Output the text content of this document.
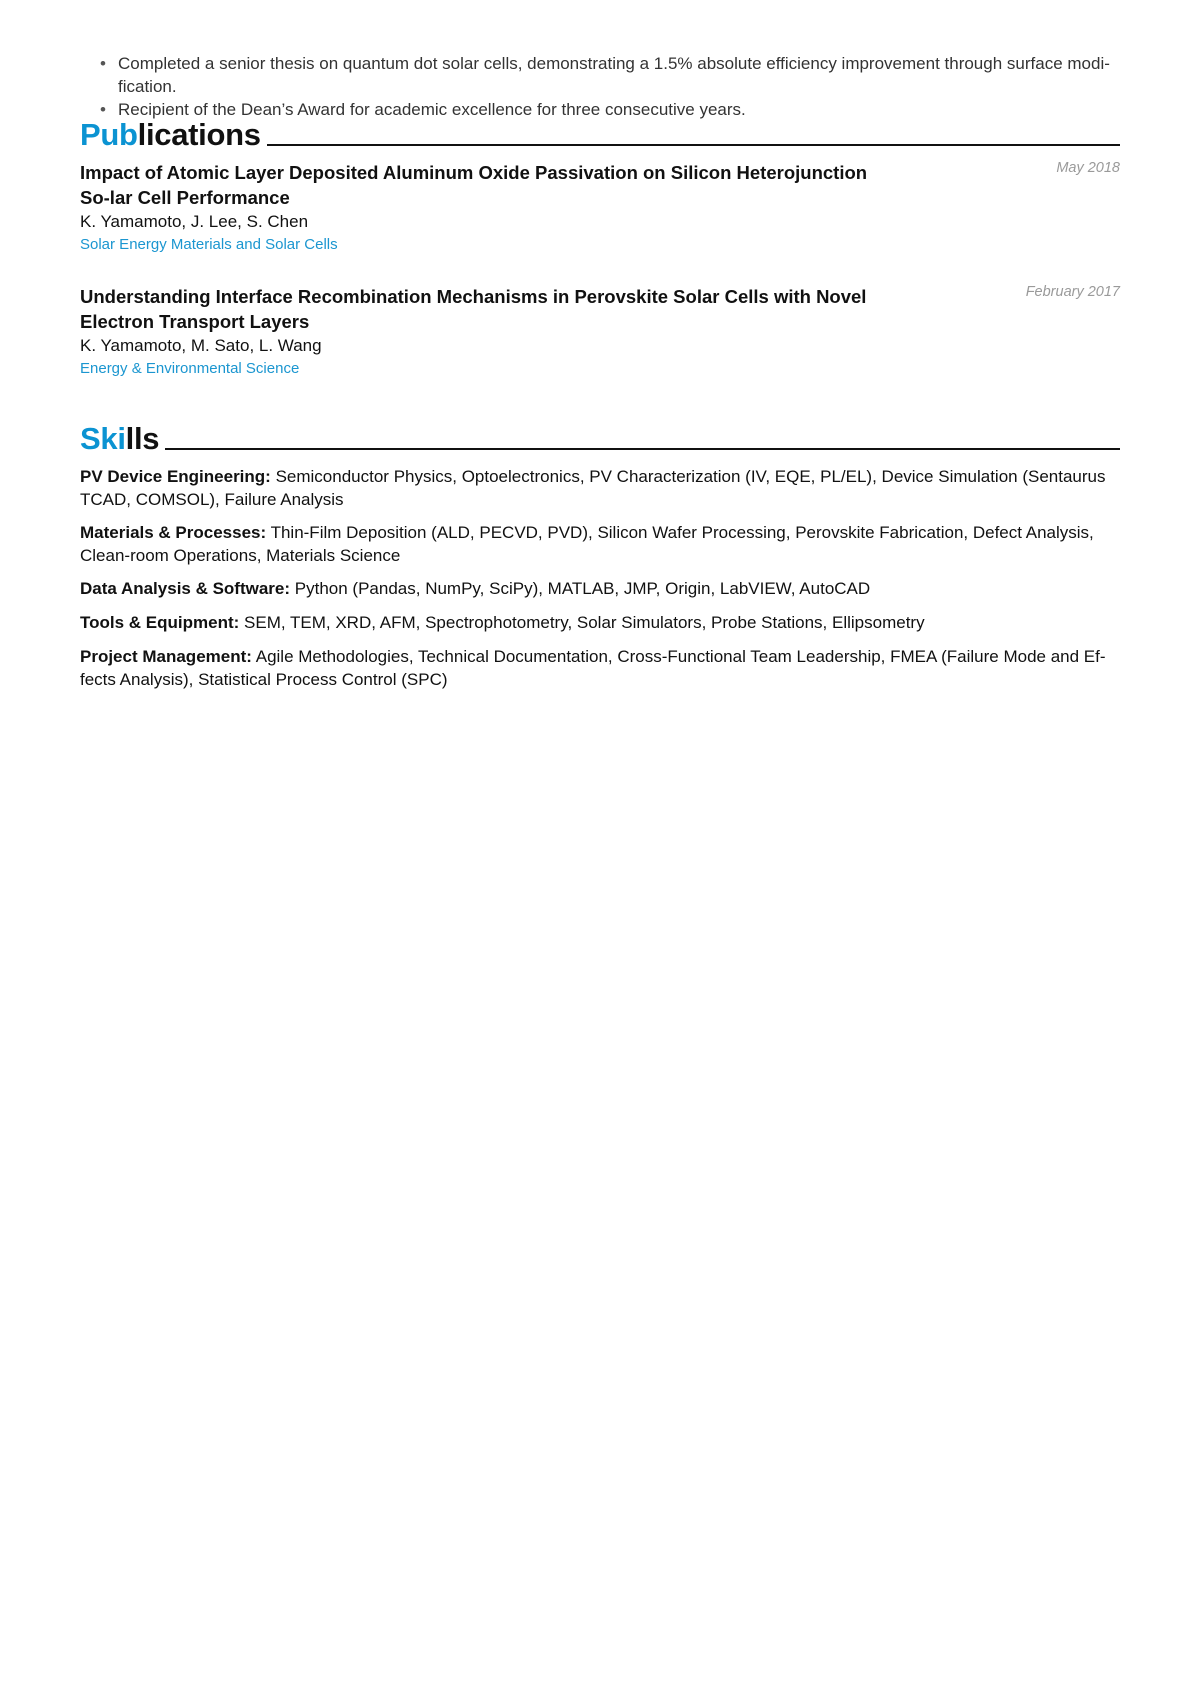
• Completed a senior thesis on quantum dot solar cells, demonstrating a 1.5% absolute efficiency improvement through surface modi-fication.
• Recipient of the Dean’s Award for academic excellence for three consecutive years.
Publications
Impact of Atomic Layer Deposited Aluminum Oxide Passivation on Silicon Heterojunction So-lar Cell Performance
May 2018
K. Yamamoto, J. Lee, S. Chen
Solar Energy Materials and Solar Cells
Understanding Interface Recombination Mechanisms in Perovskite Solar Cells with Novel Electron Transport Layers
February 2017
K. Yamamoto, M. Sato, L. Wang
Energy & Environmental Science
Skills
PV Device Engineering: Semiconductor Physics, Optoelectronics, PV Characterization (IV, EQE, PL/EL), Device Simulation (Sentaurus TCAD, COMSOL), Failure Analysis
Materials & Processes: Thin-Film Deposition (ALD, PECVD, PVD), Silicon Wafer Processing, Perovskite Fabrication, Defect Analysis, Clean-room Operations, Materials Science
Data Analysis & Software: Python (Pandas, NumPy, SciPy), MATLAB, JMP, Origin, LabVIEW, AutoCAD
Tools & Equipment: SEM, TEM, XRD, AFM, Spectrophotometry, Solar Simulators, Probe Stations, Ellipsometry
Project Management: Agile Methodologies, Technical Documentation, Cross-Functional Team Leadership, FMEA (Failure Mode and Ef-fects Analysis), Statistical Process Control (SPC)
